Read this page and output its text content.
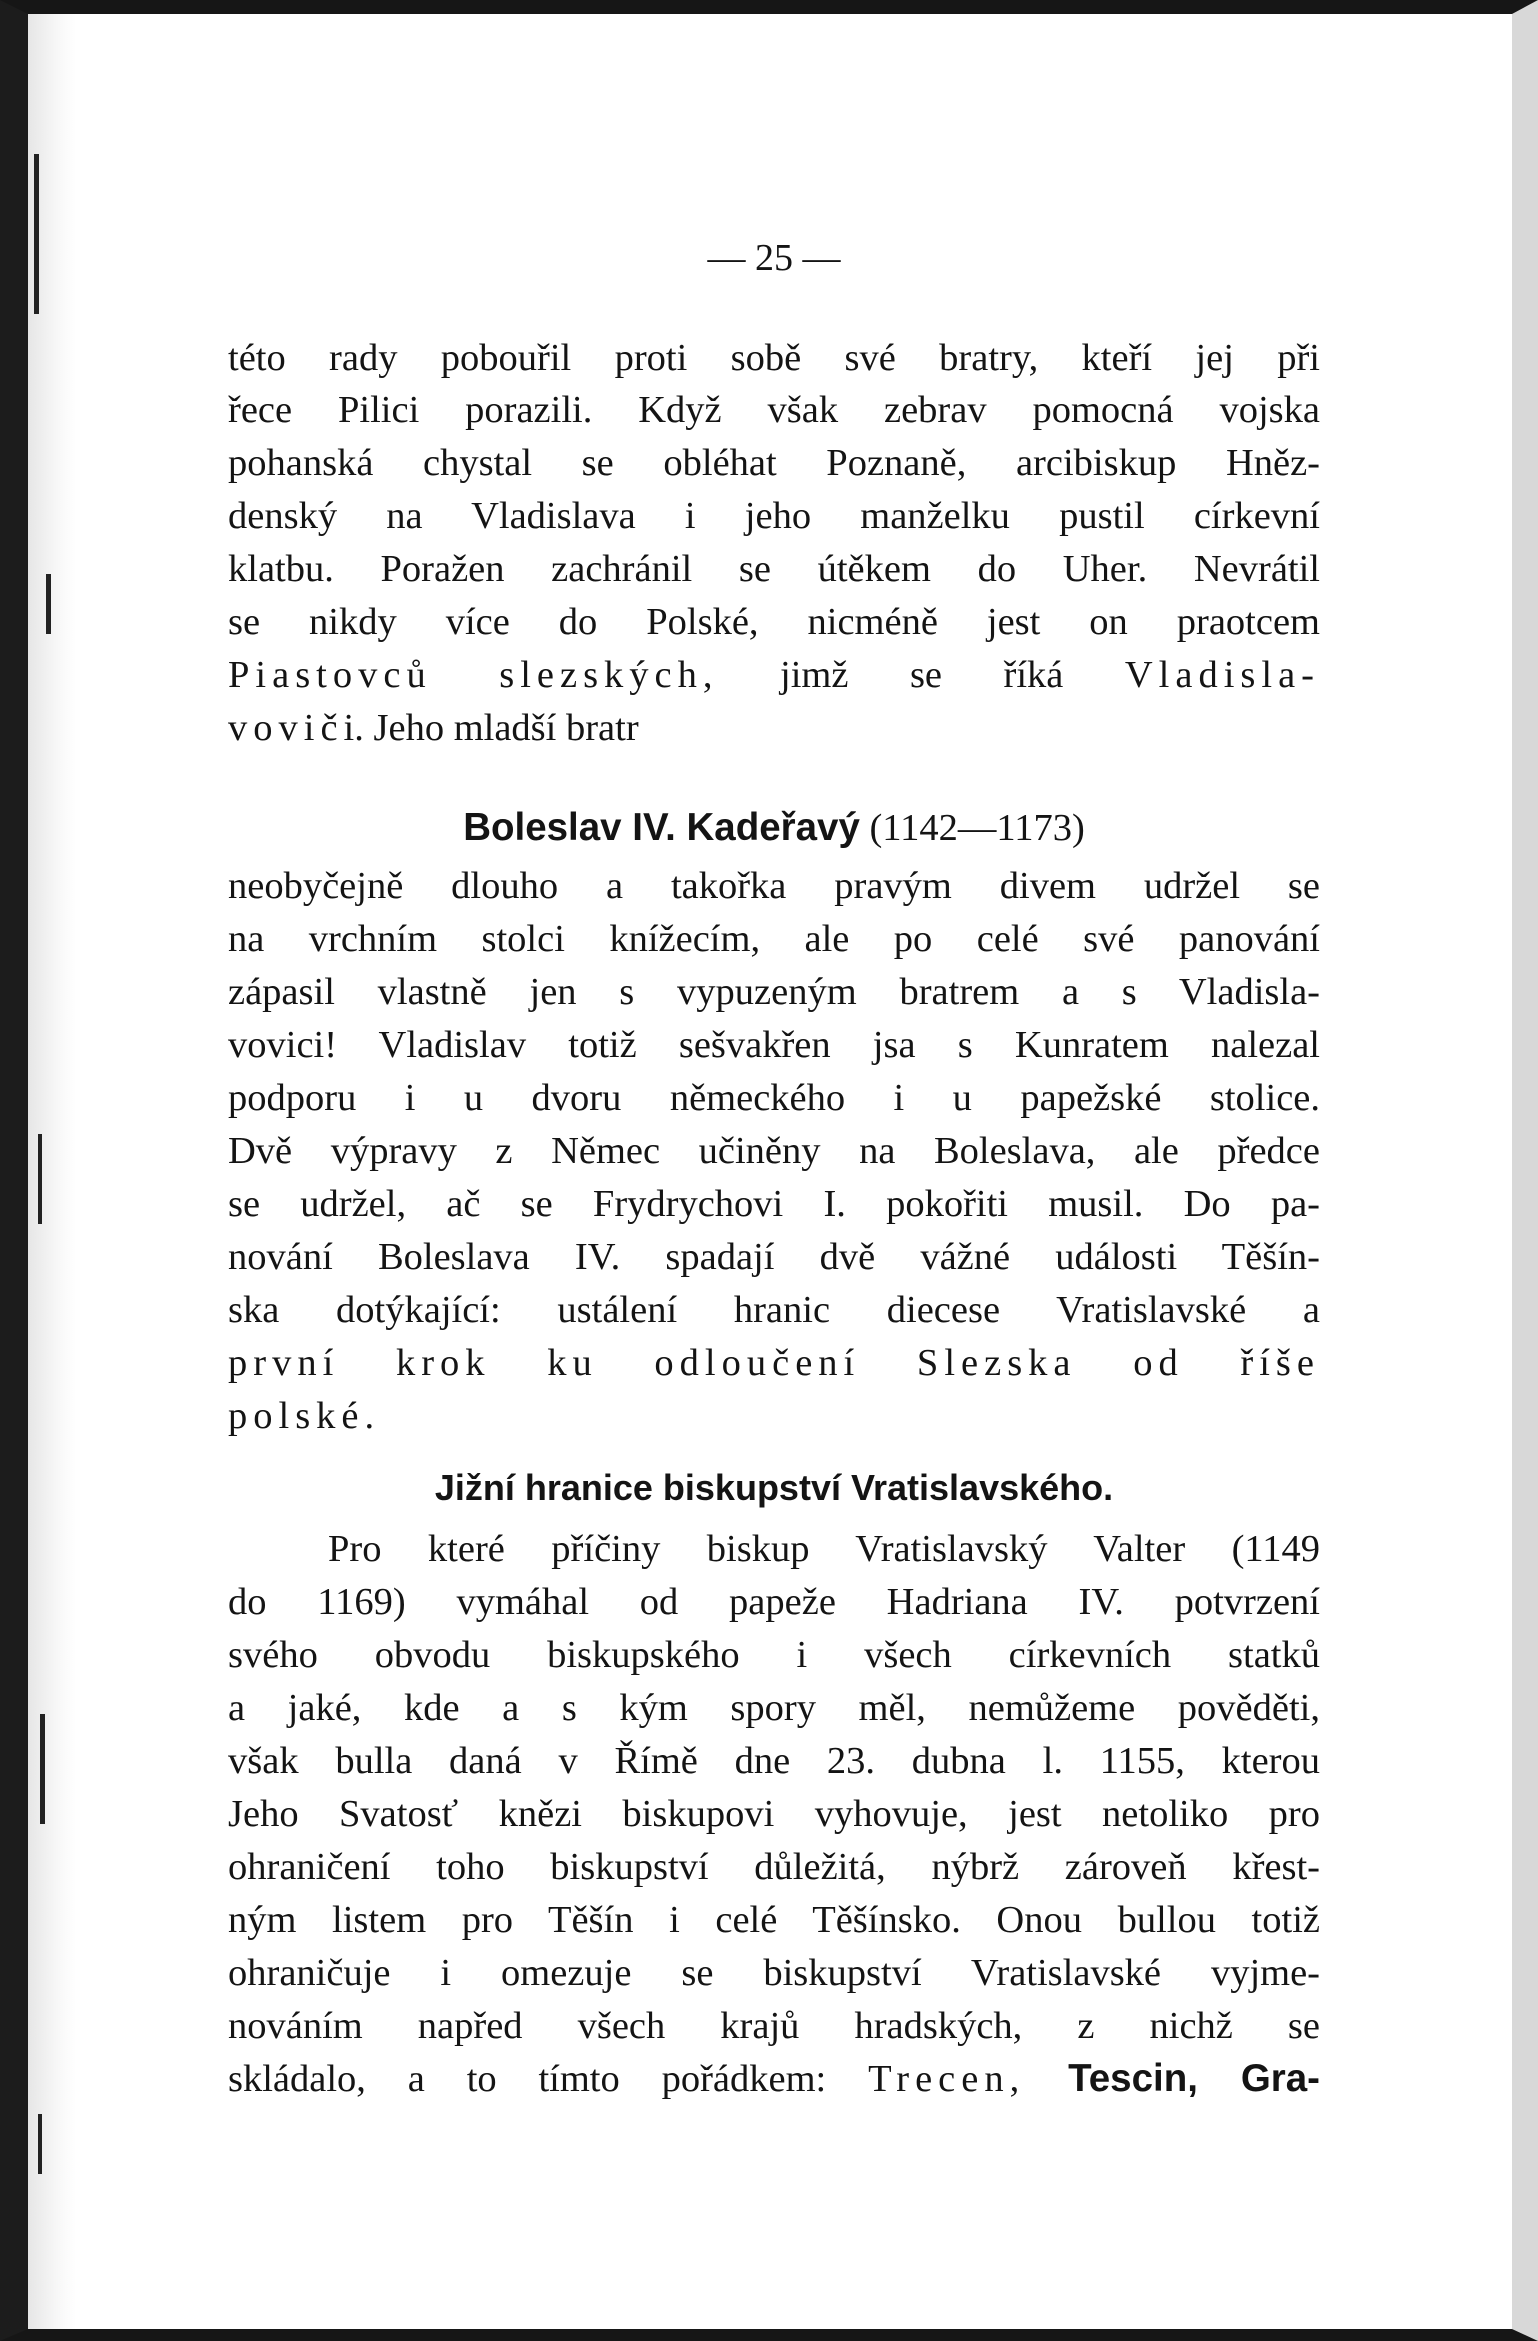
— 25 —
této rady pobouřil proti sobě své bratry, kteří jej při
řece Pilici porazili. Když však zebrav pomocná vojska
pohanská chystal se obléhat Poznaně, arcibiskup Hněz-
denský na Vladislava i jeho manželku pustil církevní
klatbu. Poražen zachránil se útěkem do Uher. Nevrátil
se nikdy více do Polské, nicméně jest on praotcem
Piastovců slezských, jimž se říká Vladisla-
voviči. Jeho mladší bratr
Boleslav IV. Kadeřavý (1142—1173)
neobyčejně dlouho a takořka pravým divem udržel se
na vrchním stolci knížecím, ale po celé své panování
zápasil vlastně jen s vypuzeným bratrem a s Vladisla-
vovici! Vladislav totiž sešvakřen jsa s Kunratem nalezal
podporu i u dvoru německého i u papežské stolice.
Dvě výpravy z Němec učiněny na Boleslava, ale předce
se udržel, ač se Frydrychovi I. pokořiti musil. Do pa-
nování Boleslava IV. spadají dvě vážné události Těšín-
ska dotýkající: ustálení hranic diecese Vratislavské a
první krok ku odloučení Slezska od říše
polské.
Jižní hranice biskupství Vratislavského.
Pro které příčiny biskup Vratislavský Valter (1149
do 1169) vymáhal od papeže Hadriana IV. potvrzení
svého obvodu biskupského i všech církevních statků
a jaké, kde a s kým spory měl, nemůžeme pověděti,
však bulla daná v Římě dne 23. dubna l. 1155, kterou
Jeho Svatosť knězi biskupovi vyhovuje, jest netoliko pro
ohraničení toho biskupství důležitá, nýbrž zároveň křest-
ným listem pro Těšín i celé Těšínsko. Onou bullou totiž
ohraničuje i omezuje se biskupství Vratislavské vyjme-
nováním napřed všech krajů hradských, z nichž se
skládalo, a to tímto pořádkem: Trecen, Tescin, Gra-
